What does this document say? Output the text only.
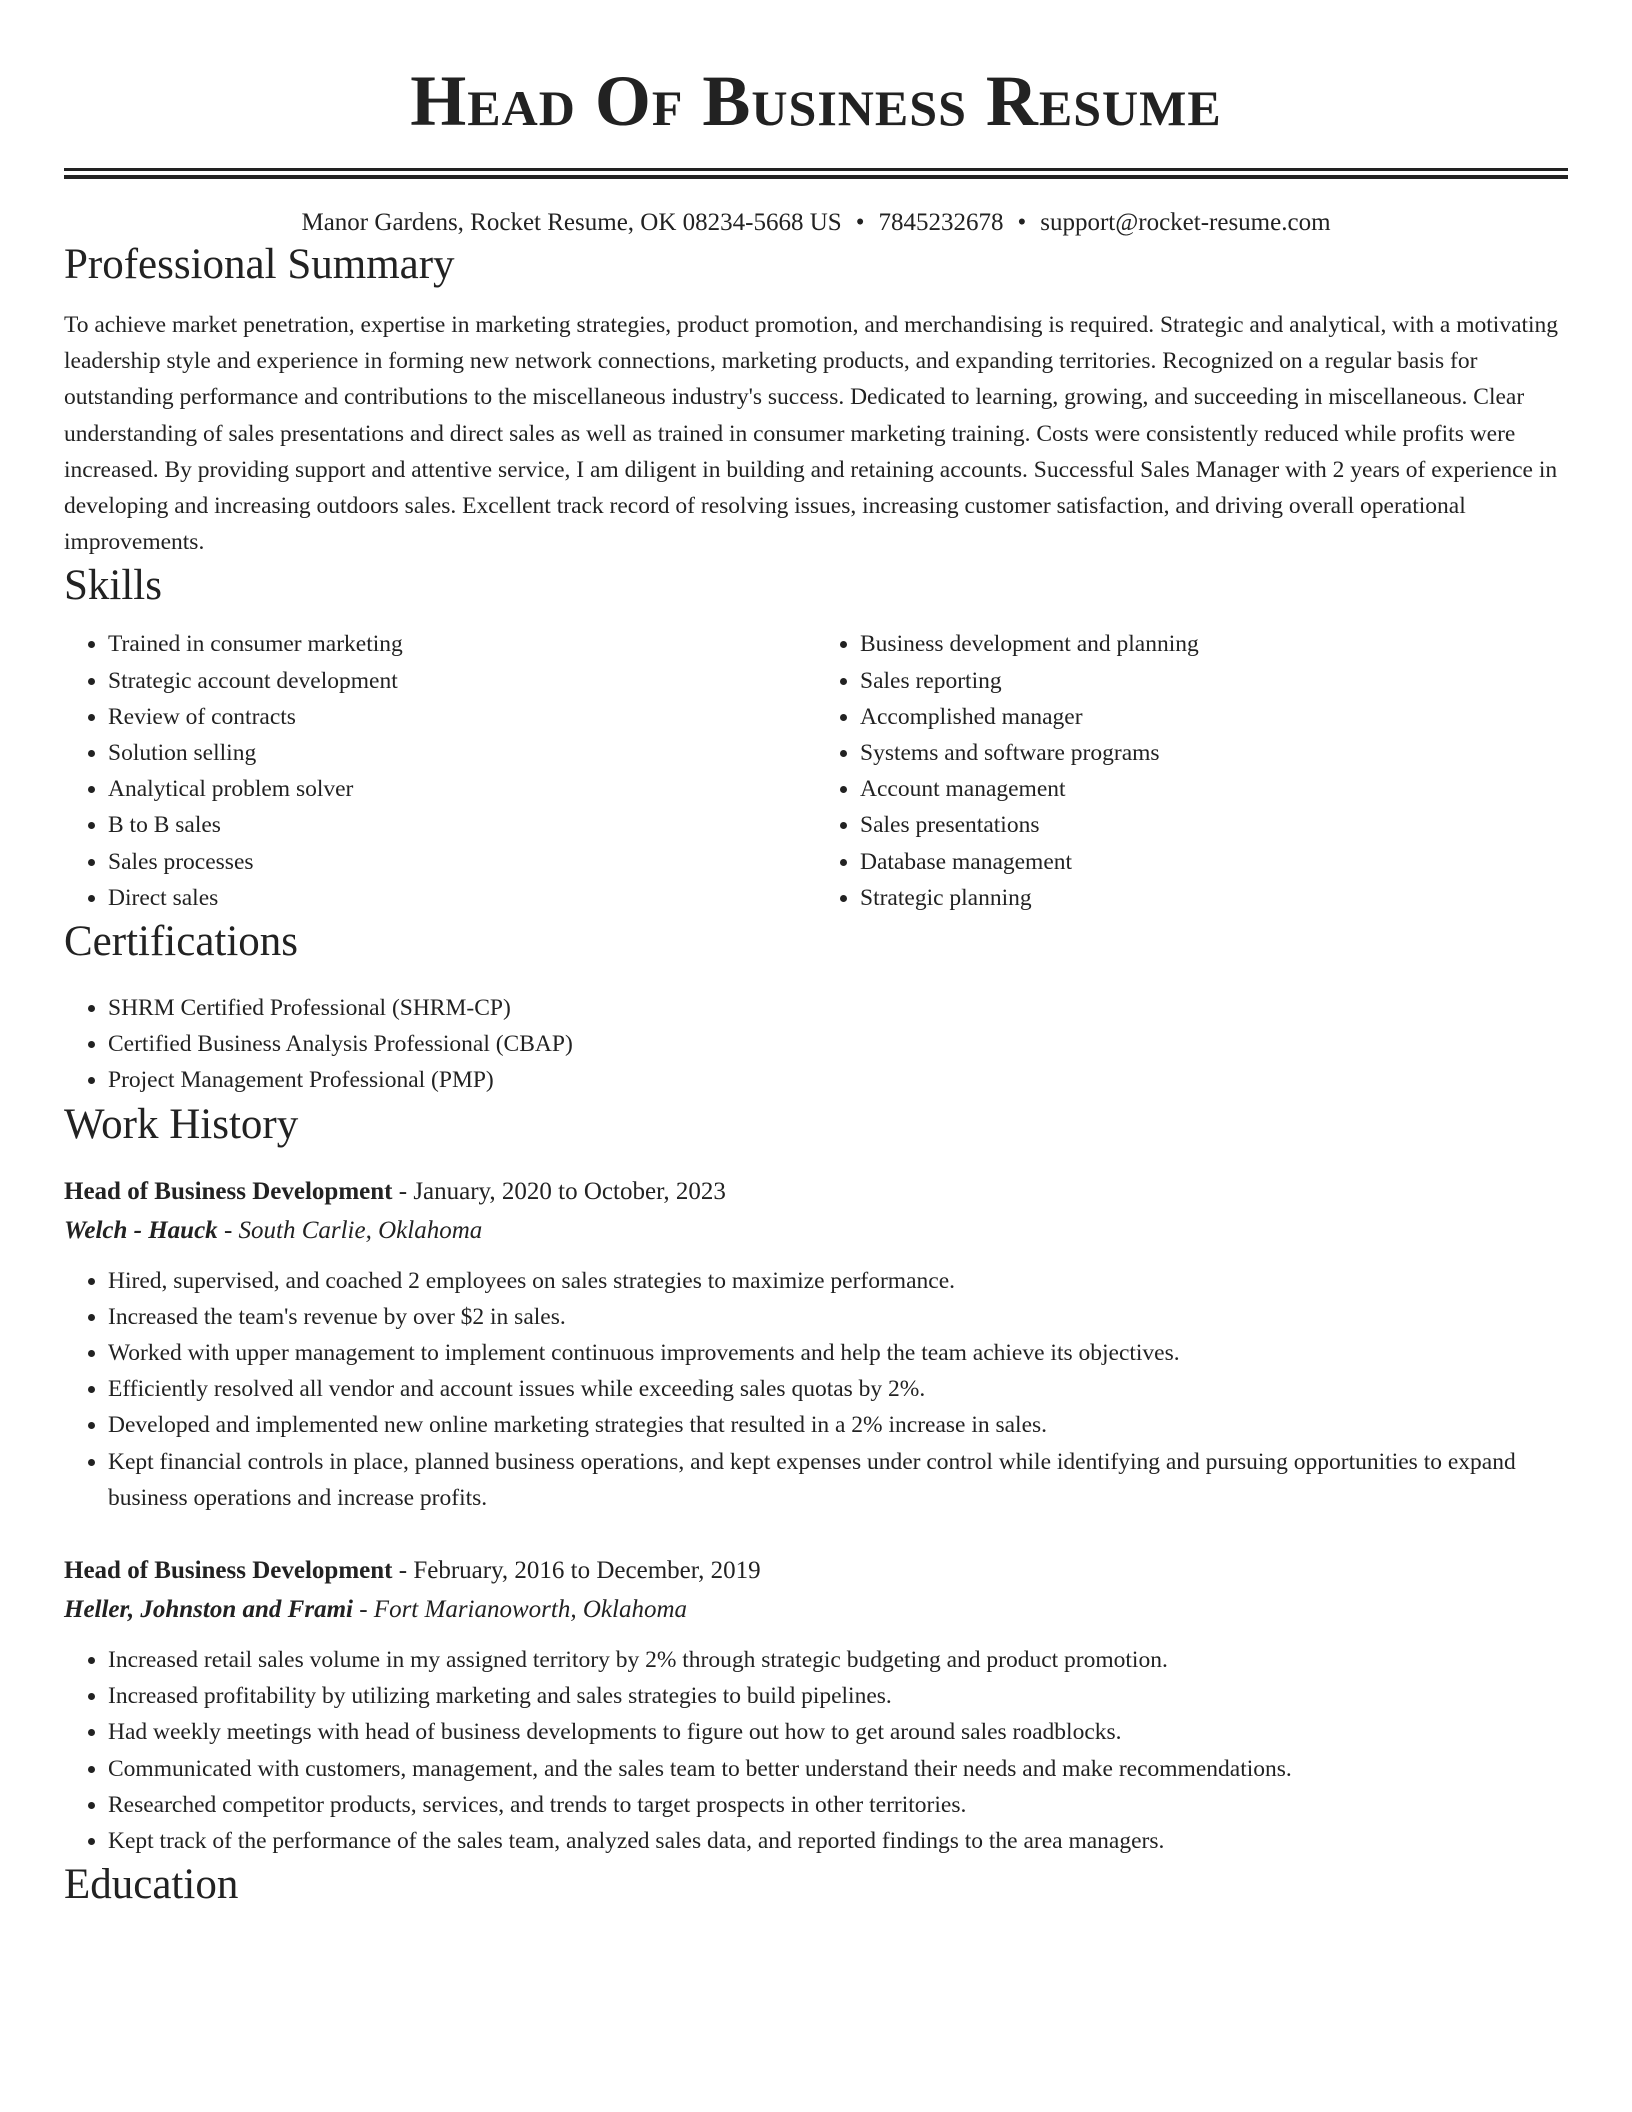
Head Of Business Resume
Manor Gardens, Rocket Resume, OK 08234-5668 US • 7845232678 • support@rocket-resume.com
Professional Summary

To achieve market penetration, expertise in marketing strategies, product promotion, and merchandising is required. Strategic and analytical, with a motivating leadership style and experience in forming new network connections, marketing products, and expanding territories. Recognized on a regular basis for outstanding performance and contributions to the miscellaneous industry's success. Dedicated to learning, growing, and succeeding in miscellaneous. Clear understanding of sales presentations and direct sales as well as trained in consumer marketing training. Costs were consistently reduced while profits were increased. By providing support and attentive service, I am diligent in building and retaining accounts. Successful Sales Manager with 2 years of experience in developing and increasing outdoors sales. Excellent track record of resolving issues, increasing customer satisfaction, and driving overall operational improvements.

Skills
• Trained in consumer marketing
• Strategic account development
• Review of contracts
• Solution selling
• Analytical problem solver
• B to B sales
• Sales processes
• Direct sales
• Business development and planning
• Sales reporting
• Accomplished manager
• Systems and software programs
• Account management
• Sales presentations
• Database management
• Strategic planning
Certifications
• SHRM Certified Professional (SHRM-CP)
• Certified Business Analysis Professional (CBAP)
• Project Management Professional (PMP)
Work History
Head of Business Development - January, 2020 to October, 2023
Welch - Hauck - South Carlie, Oklahoma
• Hired, supervised, and coached 2 employees on sales strategies to maximize performance.
• Increased the team's revenue by over $2 in sales.
• Worked with upper management to implement continuous improvements and help the team achieve its objectives.
• Efficiently resolved all vendor and account issues while exceeding sales quotas by 2%.
• Developed and implemented new online marketing strategies that resulted in a 2% increase in sales.
• Kept financial controls in place, planned business operations, and kept expenses under control while identifying and pursuing opportunities to expand business operations and increase profits.
Head of Business Development - February, 2016 to December, 2019
Heller, Johnston and Frami - Fort Marianoworth, Oklahoma
• Increased retail sales volume in my assigned territory by 2% through strategic budgeting and product promotion.
• Increased profitability by utilizing marketing and sales strategies to build pipelines.
• Had weekly meetings with head of business developments to figure out how to get around sales roadblocks.
• Communicated with customers, management, and the sales team to better understand their needs and make recommendations.
• Researched competitor products, services, and trends to target prospects in other territories.
• Kept track of the performance of the sales team, analyzed sales data, and reported findings to the area managers.
Education
